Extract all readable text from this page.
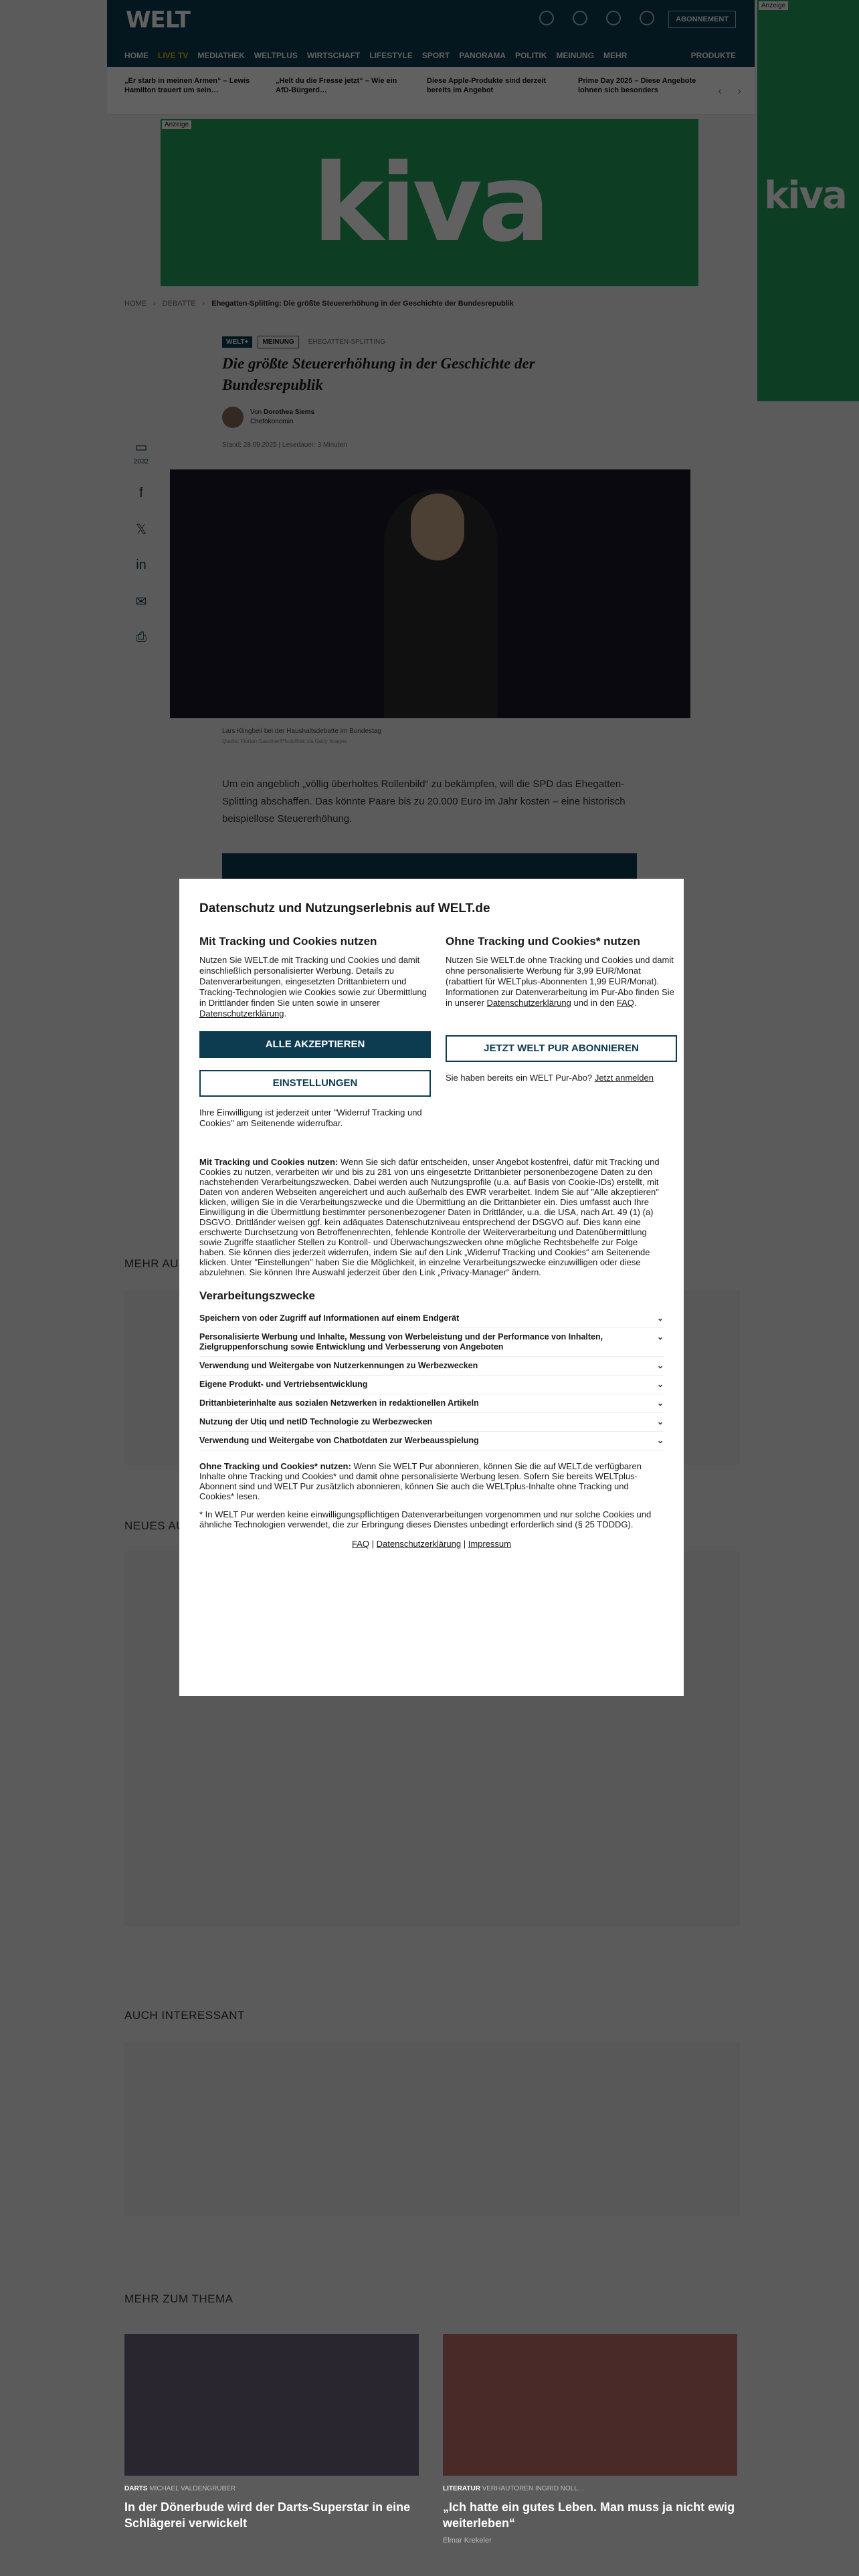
DARTS MICHAEL VALDENGRUBER
In der Dönerbude wird der Darts-Superstar in eine Schlägerei verwickelt
LITERATUR VERHAUTOREN INGRID NOLL…
„Ich hatte ein gutes Leben. Man muss ja nicht ewig weiterleben“
Elmar Krekeler
Datenschutz und Nutzungserlebnis auf WELT.de
Mit Tracking und Cookies nutzen

Nutzen Sie WELT.de mit Tracking und Cookies und damit einschließlich personalisierter Werbung. Details zu Datenverarbeitungen, eingesetzten Drittanbietern und Tracking-Technologien wie Cookies sowie zur Übermittlung in Drittländer finden Sie unten sowie in unserer Datenschutzerklärung.

ALLE AKZEPTIEREN
EINSTELLUNGEN

Ihre Einwilligung ist jederzeit unter "Widerruf Tracking und Cookies" am Seitenende widerrufbar.

Ohne Tracking und Cookies* nutzen

Nutzen Sie WELT.de ohne Tracking und Cookies und damit ohne personalisierte Werbung für 3,99 EUR/Monat (rabattiert für WELTplus-Abonnenten 1,99 EUR/Monat). Informationen zur Datenverarbeitung im Pur-Abo finden Sie in unserer Datenschutzerklärung und in den FAQ.

JETZT WELT PUR ABONNIEREN

Sie haben bereits ein WELT Pur-Abo? Jetzt anmelden

Mit Tracking und Cookies nutzen: Wenn Sie sich dafür entscheiden, unser Angebot kostenfrei, dafür mit Tracking und Cookies zu nutzen, verarbeiten wir und bis zu 281 von uns eingesetzte Drittanbieter personenbezogene Daten zu den nachstehenden Verarbeitungszwecken. Dabei werden auch Nutzungsprofile (u.a. auf Basis von Cookie-IDs) erstellt, mit Daten von anderen Webseiten angereichert und auch außerhalb des EWR verarbeitet. Indem Sie auf "Alle akzeptieren" klicken, willigen Sie in die Verarbeitungszwecke und die Übermittlung an die Drittanbieter ein. Dies umfasst auch Ihre Einwilligung in die Übermittlung bestimmter personenbezogener Daten in Drittländer, u.a. die USA, nach Art. 49 (1) (a) DSGVO. Drittländer weisen ggf. kein adäquates Datenschutzniveau entsprechend der DSGVO auf. Dies kann eine erschwerte Durchsetzung von Betroffenenrechten, fehlende Kontrolle der Weiterverarbeitung und Datenübermittlung sowie Zugriffe staatlicher Stellen zu Kontroll- und Überwachungszwecken ohne mögliche Rechtsbehelfe zur Folge haben. Sie können dies jederzeit widerrufen, indem Sie auf den Link „Widerruf Tracking und Cookies“ am Seitenende klicken. Unter "Einstellungen" haben Sie die Möglichkeit, in einzelne Verarbeitungszwecke einzuwilligen oder diese abzulehnen. Sie können Ihre Auswahl jederzeit über den Link „Privacy-Manager“ ändern.

Verarbeitungszwecke
Speichern von oder Zugriff auf Informationen auf einem Endgerät	⌄
Personalisierte Werbung und Inhalte, Messung von Werbeleistung und der Performance von Inhalten, Zielgruppenforschung sowie Entwicklung und Verbesserung von Angeboten
⌄
Verwendung und Weitergabe von Nutzerkennungen zu Werbezwecken	⌄
Eigene Produkt- und Vertriebsentwicklung	⌄
Drittanbieterinhalte aus sozialen Netzwerken in redaktionellen Artikeln	⌄
Nutzung der Utiq und netID Technologie zu Werbezwecken	⌄
Verwendung und Weitergabe von Chatbotdaten zur Werbeausspielung	⌄

Ohne Tracking und Cookies* nutzen: Wenn Sie WELT Pur abonnieren, können Sie die auf WELT.de verfügbaren Inhalte ohne Tracking und Cookies* und damit ohne personalisierte Werbung lesen. Sofern Sie bereits WELTplus-Abonnent sind und WELT Pur zusätzlich abonnieren, können Sie auch die WELTplus-Inhalte ohne Tracking und Cookies* lesen.

* In WELT Pur werden keine einwilligungspflichtigen Datenverarbeitungen vorgenommen und nur solche Cookies und ähnliche Technologien verwendet, die zur Erbringung dieses Dienstes unbedingt erforderlich sind (§ 25 TDDDG).

FAQ | Datenschutzerklärung | Impressum
